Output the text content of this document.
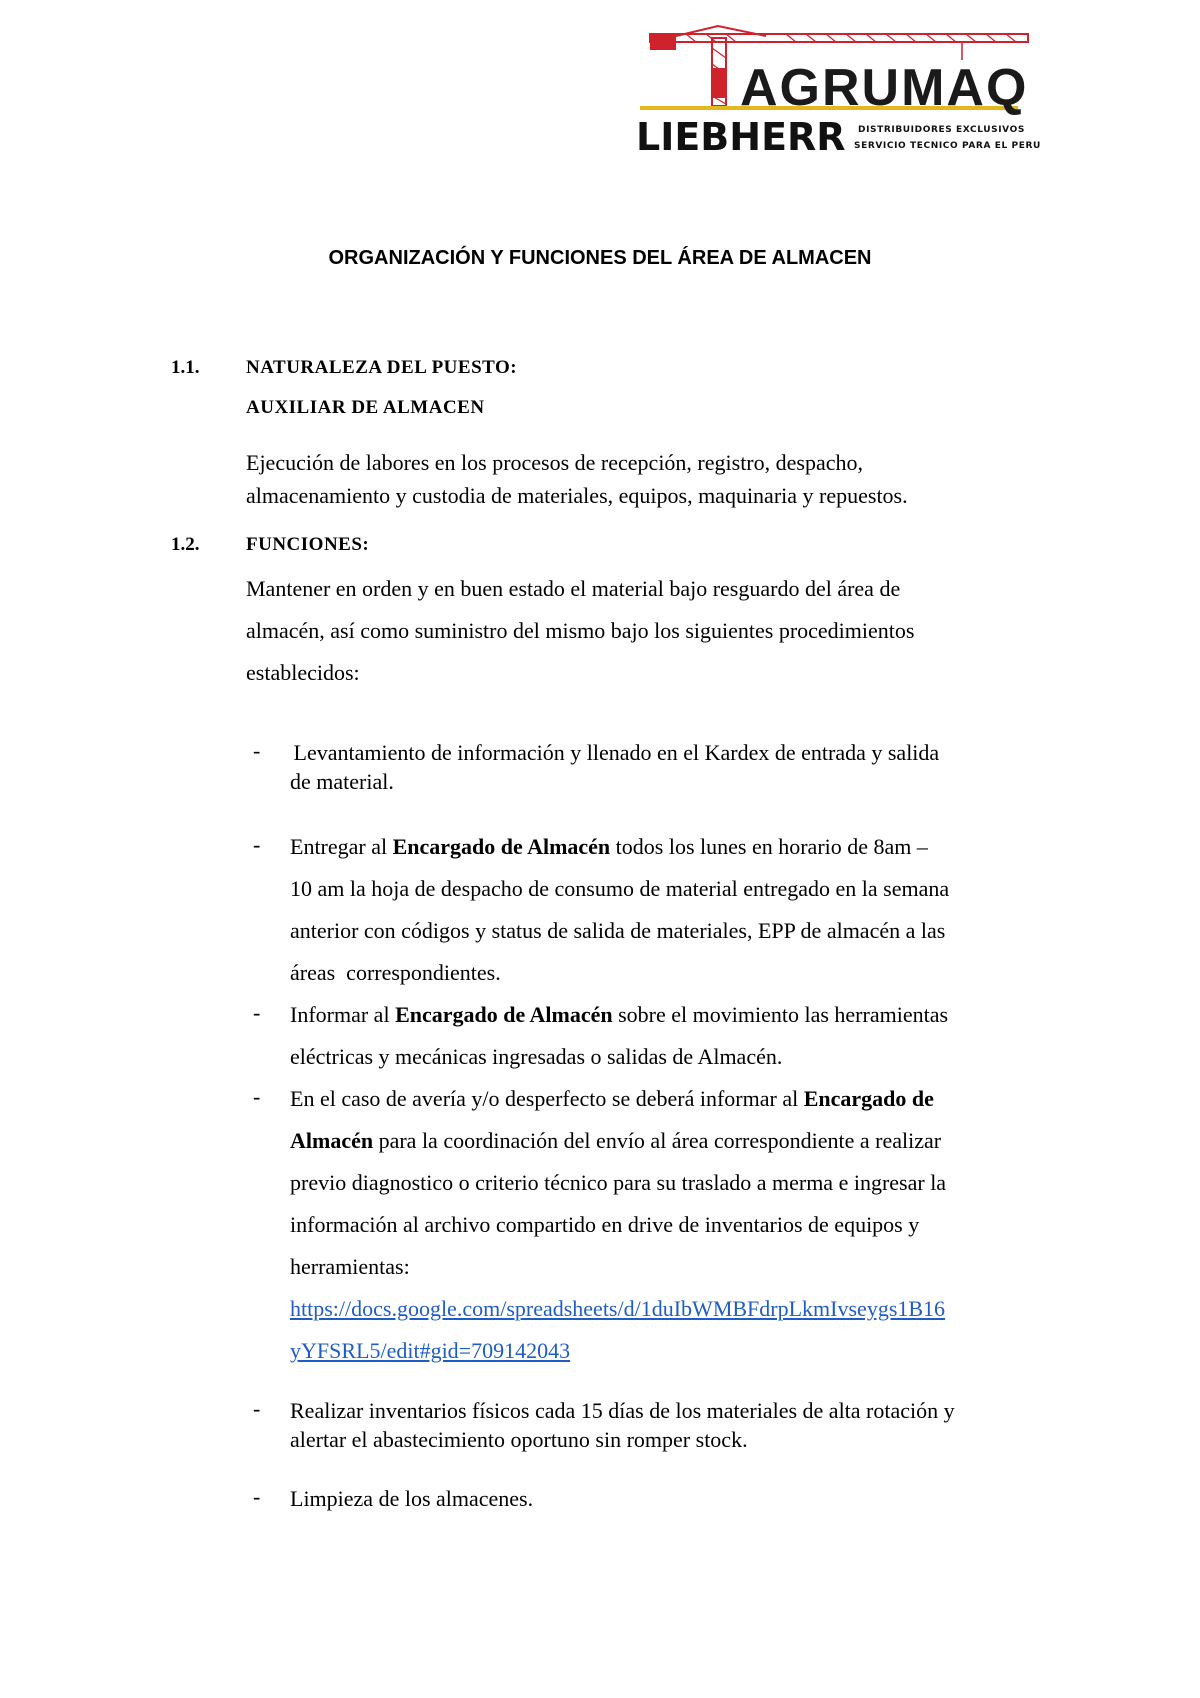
AGRUMAQ
LIEBHERR DISTRIBUIDORES EXCLUSIVOS
SERVICIO TECNICO PARA EL PERU
ORGANIZACIÓN Y FUNCIONES DEL ÁREA DE ALMACEN
1.1. NATURALEZA DEL PUESTO:
AUXILIAR DE ALMACEN
Ejecución de labores en los procesos de recepción, registro, despacho,
almacenamiento y custodia de materiales, equipos, maquinaria y repuestos.
1.2. FUNCIONES:
Mantener en orden y en buen estado el material bajo resguardo del área de
almacén, así como suministro del mismo bajo los siguientes procedimientos
establecidos:
- Levantamiento de información y llenado en el Kardex de entrada y salida
de material.
- Entregar al Encargado de Almacén todos los lunes en horario de 8am –
10 am la hoja de despacho de consumo de material entregado en la semana
anterior con códigos y status de salida de materiales, EPP de almacén a las
áreas  correspondientes.
- Informar al Encargado de Almacén sobre el movimiento las herramientas
eléctricas y mecánicas ingresadas o salidas de Almacén.
- En el caso de avería y/o desperfecto se deberá informar al Encargado de
Almacén para la coordinación del envío al área correspondiente a realizar
previo diagnostico o criterio técnico para su traslado a merma e ingresar la
información al archivo compartido en drive de inventarios de equipos y
herramientas:
https://docs.google.com/spreadsheets/d/1duIbWMBFdrpLkmIvseygs1B16
yYFSRL5/edit#gid=709142043
- Realizar inventarios físicos cada 15 días de los materiales de alta rotación y
alertar el abastecimiento oportuno sin romper stock.
- Limpieza de los almacenes.
